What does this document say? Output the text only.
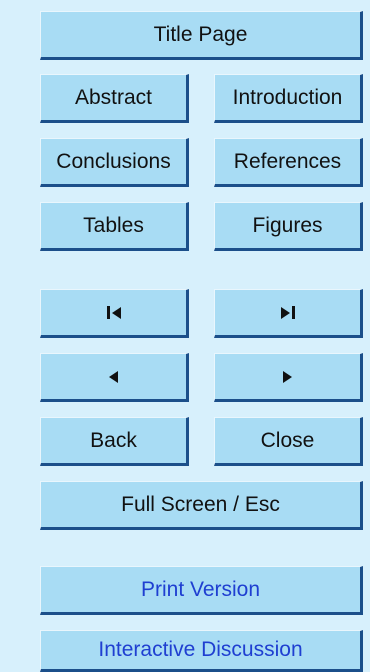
Title Page
Abstract	Introduction
Conclusions	References
Tables	Figures
Back	Close
Full Screen / Esc
Print Version
Interactive Discussion
